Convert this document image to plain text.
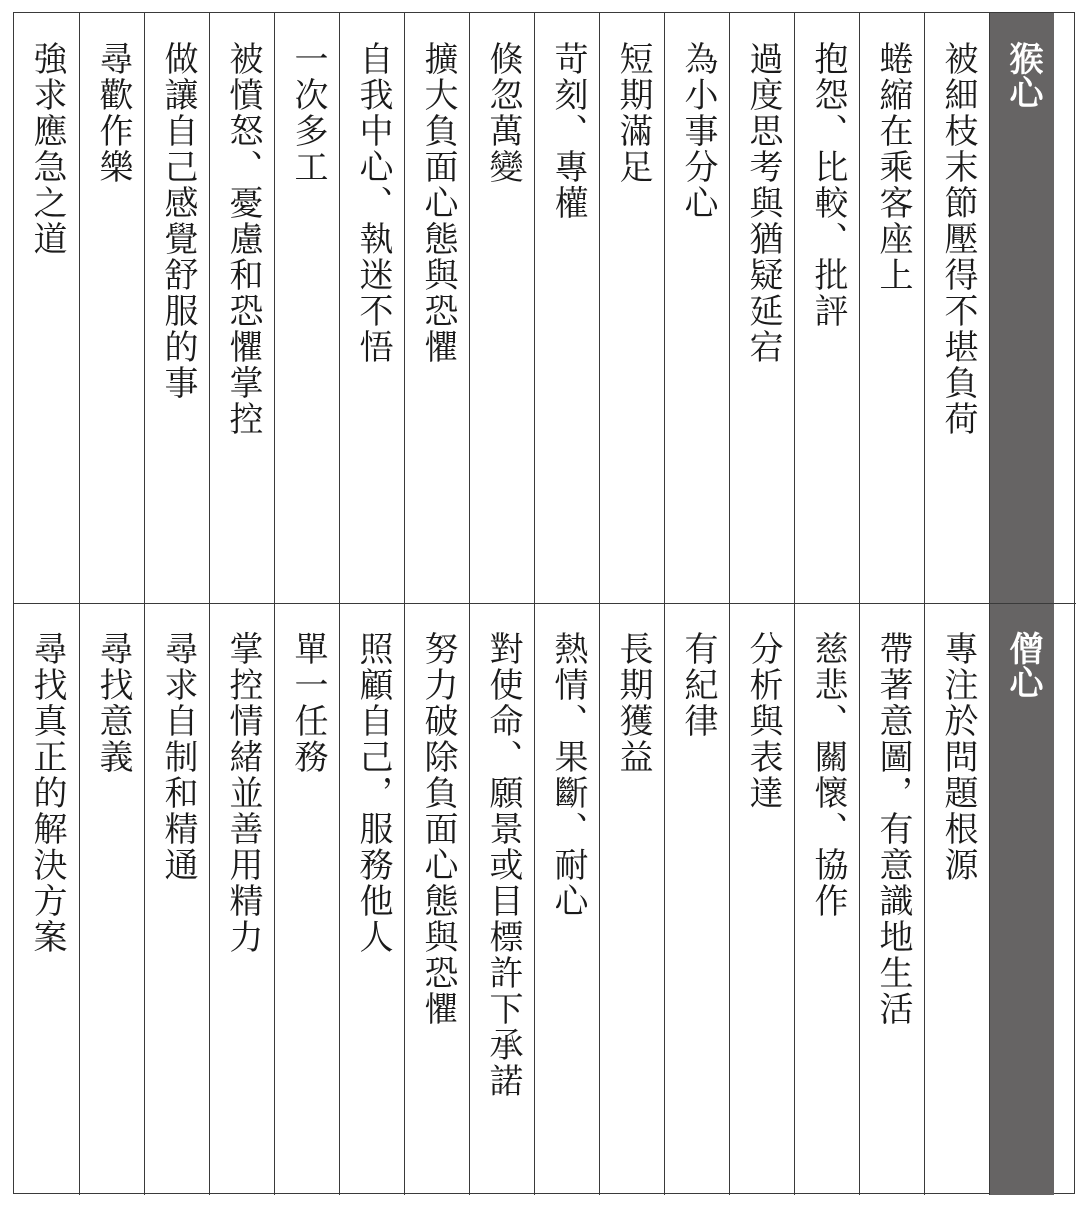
猴心
僧心
被細枝末節壓得不堪負荷
專注於問題根源
蜷縮在乘客座上
帶著意圖，有意識地生活
抱怨、比較、批評
慈悲、關懷、協作
過度思考與猶疑延宕
分析與表達
為小事分心
有紀律
短期滿足
長期獲益
苛刻、專權
熱情、果斷、耐心
倏忽萬變
對使命、願景或目標許下承諾
擴大負面心態與恐懼
努力破除負面心態與恐懼
自我中心、執迷不悟
照顧自己，服務他人
一次多工
單一任務
被憤怒、憂慮和恐懼掌控
掌控情緒並善用精力
做讓自己感覺舒服的事
尋求自制和精通
尋歡作樂
尋找意義
強求應急之道
尋找真正的解決方案
